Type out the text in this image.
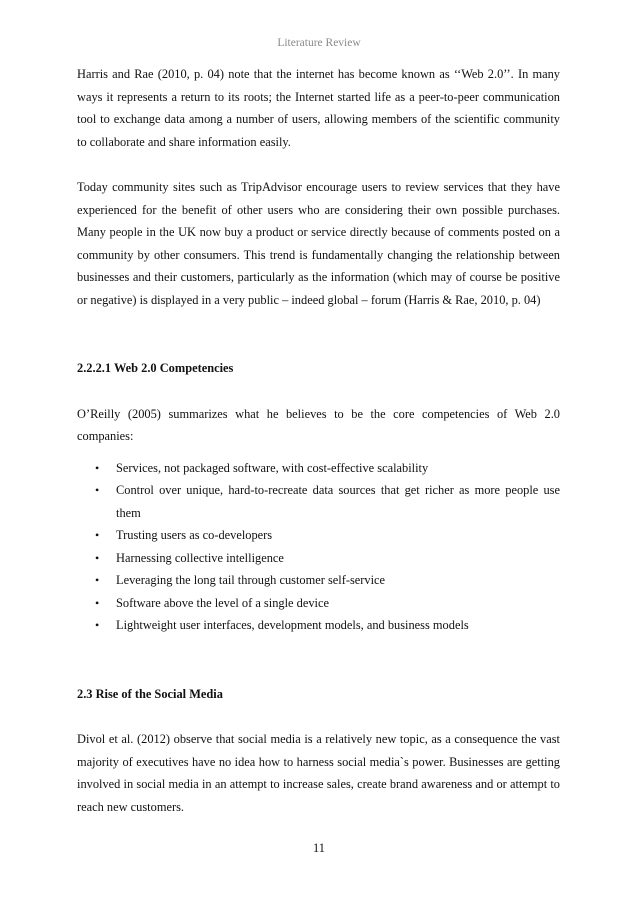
Literature Review

Harris and Rae (2010, p. 04) note that the internet has become known as ‘‘Web 2.0’’. In many ways it represents a return to its roots; the Internet started life as a peer-to-peer communication tool to exchange data among a number of users, allowing members of the scientific community to collaborate and share information easily.

Today community sites such as TripAdvisor encourage users to review services that they have experienced for the benefit of other users who are considering their own possible purchases. Many people in the UK now buy a product or service directly because of comments posted on a community by other consumers. This trend is fundamentally changing the relationship between businesses and their customers, particularly as the information (which may of course be positive or negative) is displayed in a very public – indeed global – forum (Harris & Rae, 2010, p. 04)

2.2.2.1 Web 2.0 Competencies

O’Reilly (2005) summarizes what he believes to be the core competencies of Web 2.0 companies:

• Services, not packaged software, with cost-effective scalability
• Control over unique, hard-to-recreate data sources that get richer as more people use them
• Trusting users as co-developers
• Harnessing collective intelligence
• Leveraging the long tail through customer self-service
• Software above the level of a single device
• Lightweight user interfaces, development models, and business models
2.3 Rise of the Social Media

Divol et al. (2012) observe that social media is a relatively new topic, as a consequence the vast majority of executives have no idea how to harness social media`s power. Businesses are getting involved in social media in an attempt to increase sales, create brand awareness and or attempt to reach new customers.

11
